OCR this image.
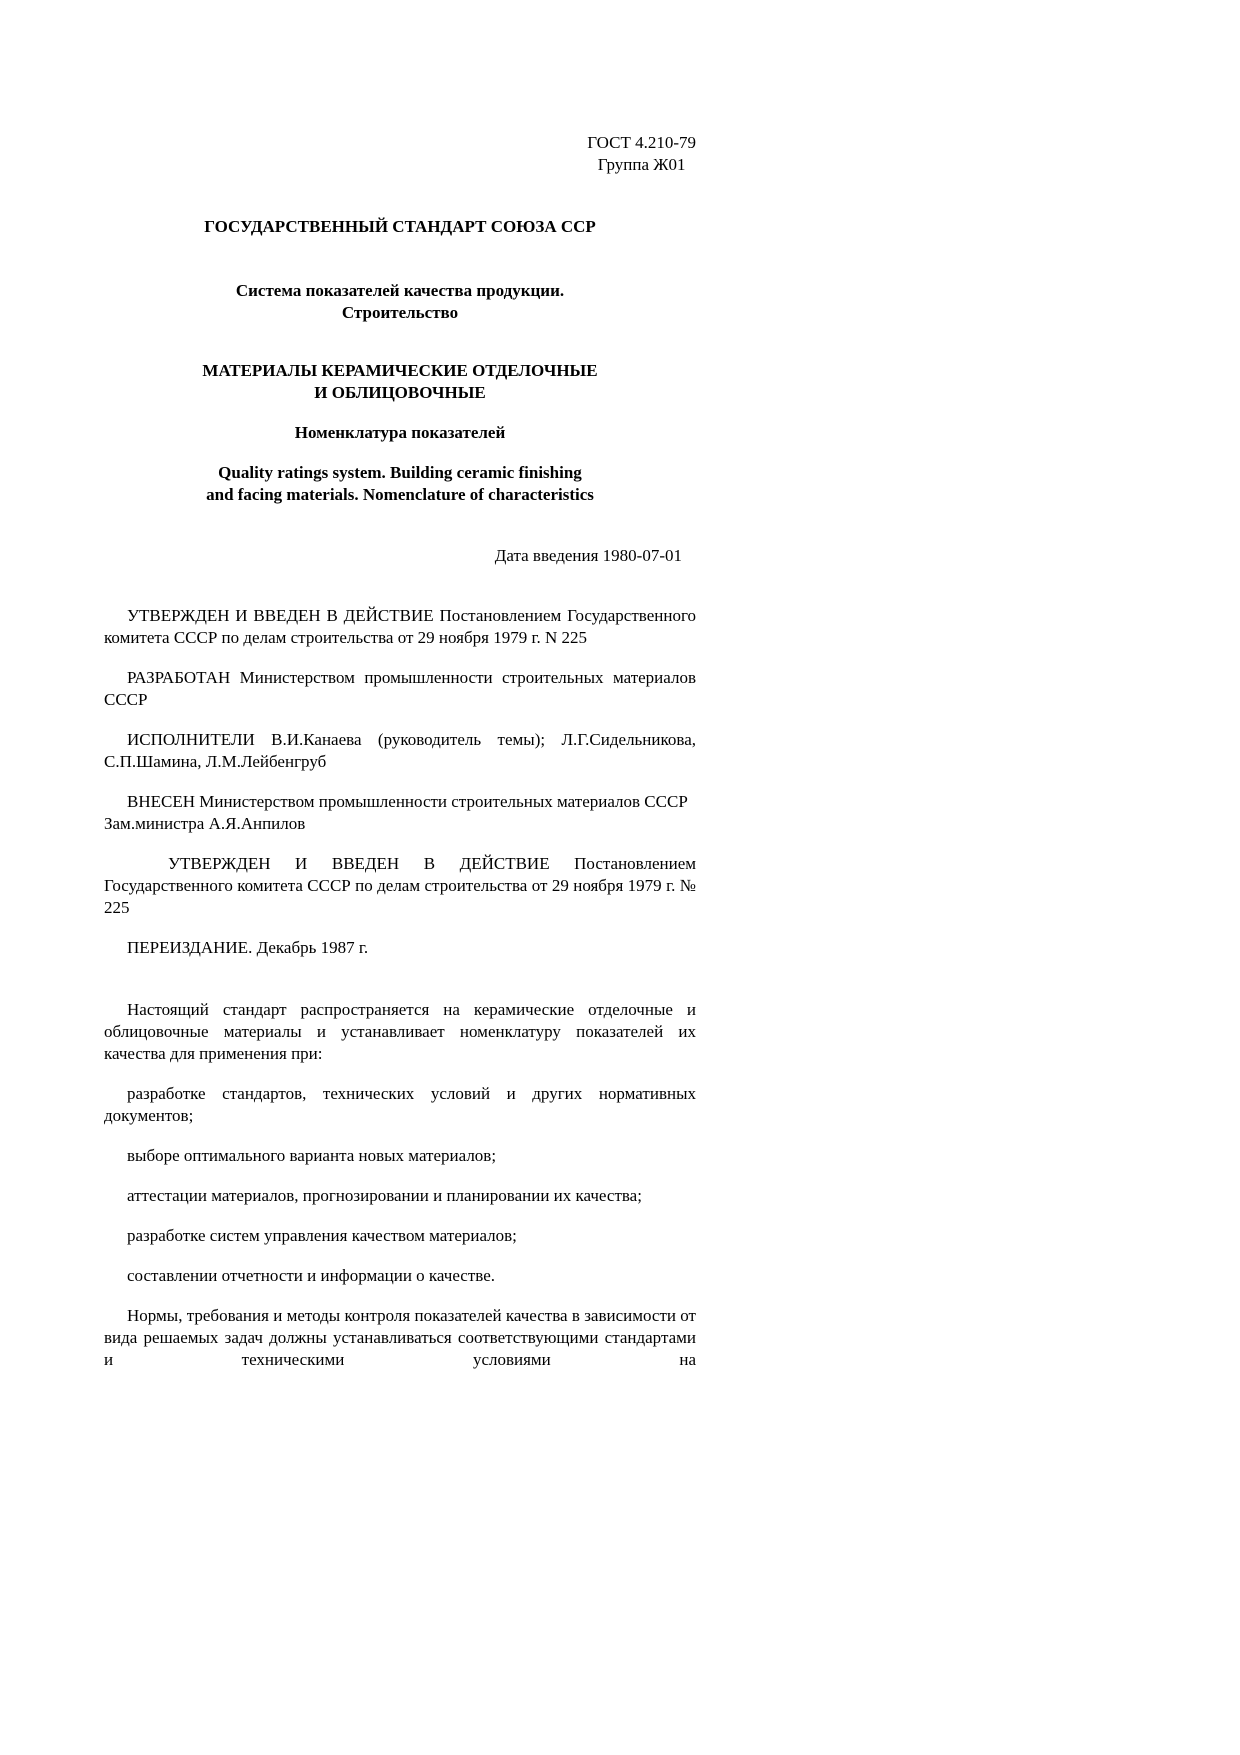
ГОСТ 4.210-79
Группа Ж01
ГОСУДАРСТВЕННЫЙ СТАНДАРТ СОЮЗА ССР
Система показателей качества продукции.
Строительство
МАТЕРИАЛЫ КЕРАМИЧЕСКИЕ ОТДЕЛОЧНЫЕ
И ОБЛИЦОВОЧНЫЕ
Номенклатура показателей
Quality ratings system. Building ceramic finishing
and facing materials. Nomenclature of characteristics
Дата введения 1980-07-01

УТВЕРЖДЕН И ВВЕДЕН В ДЕЙСТВИЕ Постановлением Государственного комитета СССР по делам строительства от 29 ноября 1979 г. N 225

РАЗРАБОТАН Министерством промышленности строительных материалов СССР

ИСПОЛНИТЕЛИ В.И.Канаева (руководитель темы); Л.Г.Сидельникова, С.П.Шамина, Л.М.Лейбенгруб

ВНЕСЕН Министерством промышленности строительных материалов СССР

Зам.министра А.Я.Анпилов

УТВЕРЖДЕН И ВВЕДЕН В ДЕЙСТВИЕ Постановлением Государственного комитета СССР по делам строительства от 29 ноября 1979 г. № 225

ПЕРЕИЗДАНИЕ. Декабрь 1987 г.

Настоящий стандарт распространяется на керамические отделочные и облицовочные материалы и устанавливает номенклатуру показателей их качества для применения при:

разработке стандартов, технических условий и других нормативных документов;

выборе оптимального варианта новых материалов;

аттестации материалов, прогнозировании и планировании их качества;

разработке систем управления качеством материалов;

составлении отчетности и информации о качестве.

Нормы, требования и методы контроля показателей качества в зависимости от вида решаемых задач должны устанавливаться соответствующими стандартами и техническими условиями на
